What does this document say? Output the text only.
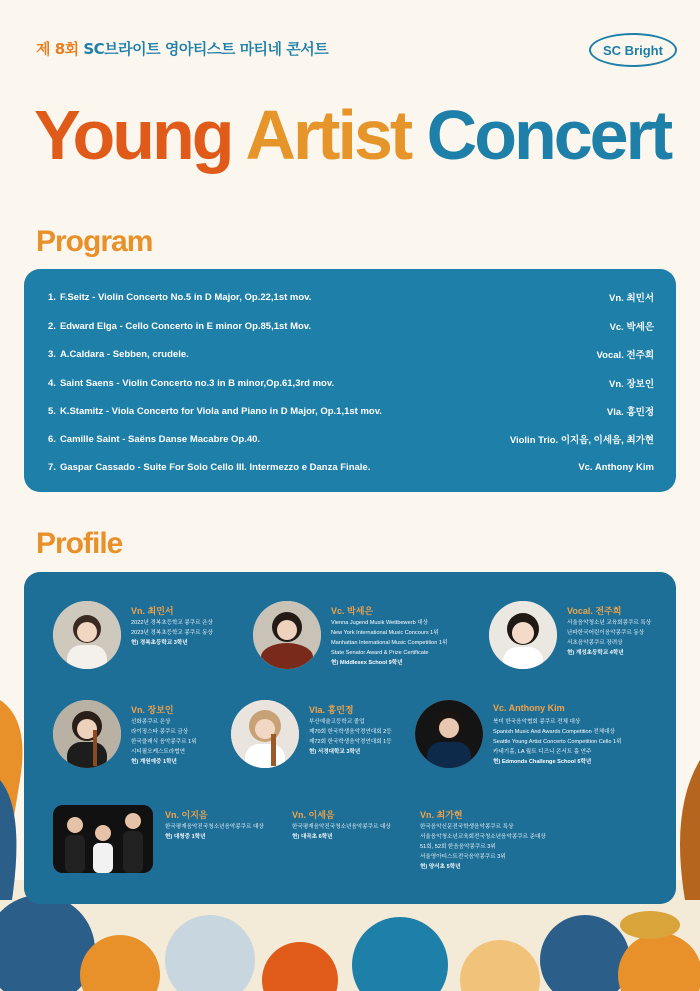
제 8회 SC브라이트 영아티스트 마티네 콘서트	SC Bright
Young Artist Concert
Program
1. F.Seitz - Violin Concerto No.5 in D Major, Op.22,1st mov.	Vn. 최민서
2. Edward Elga - Cello Concerto in E minor Op.85,1st Mov.	Vc. 박세은
3. A.Caldara - Sebben, crudele.	Vocal. 전주희
4. Saint Saens - Violin Concerto no.3 in B minor,Op.61,3rd mov.	Vn. 장보인
5. K.Stamitz - Viola Concerto for Viola and Piano in D Major, Op.1,1st mov.	Vla. 홍민정
6. Camille Saint - Saëns Danse Macabre Op.40.	Violin Trio. 이지음, 이세음, 최가현
7. Gaspar Cassado - Suite For Solo Cello III. Intermezzo e Danza Finale.	Vc. Anthony Kim
Profile
Vn. 최민서
2022년 경복초등학교 콩쿠르 은상
2023년 경복초등학교 콩쿠르 동상
현) 경복초등학교 3학년
Vc. 박세은
Vienna Jugend Musik Wettbewerb 대상
New York International Music Concours 1위
Manhattan International Music Competition 1위
State Senator Award & Prize Certificate
현) Middlesex School 9학년
Vocal. 전주희
서울음악청소년 교육회콩쿠르 특상
난파한국어린이음악콩쿠르 동상
서초음악콩쿠르 장려상
현) 계성초등학교 4학년
Vn. 장보인
선화콩쿠르 은상
라이징스타 콩쿠르 금상
한국클래식 음악콩쿠르 1위
시티필오케스트라협연
현) 계원예중 1학년
Vla. 홍민정
부산예술고등학교 졸업
제70회 한국학생음악경연대회 2등
제72회 한국학생음악경연대회 1등
현) 서경대학교 3학년
Vc. Anthony Kim
북미 한국음악협회 콩쿠르 전체 대상
Spanish Music And Awards Competition 전체대상
Seattle Young Artist Concerto Competition Cello 1위
카네기홀, LA 월트 디즈니 콘서트 홀 연주
현) Edmonds Challenge School 6학년
Vn. 이지음
한국평재음악진국청소년음악콩쿠르 대상
현) 대청중 1학년
Vn. 이세음
한국평재음악진국청소년음악콩쿠르 대상
현) 대곡초 6학년
Vn. 최가현
한국음악신문전국학생음악콩쿠르 특상
서울음악청소년교육회전국청소년음악콩쿠르 준대상
51회, 52회 한음음악콩쿠르 3위
서울영아티스트전국음악콩쿠르 3위
현) 양서초 5학년
